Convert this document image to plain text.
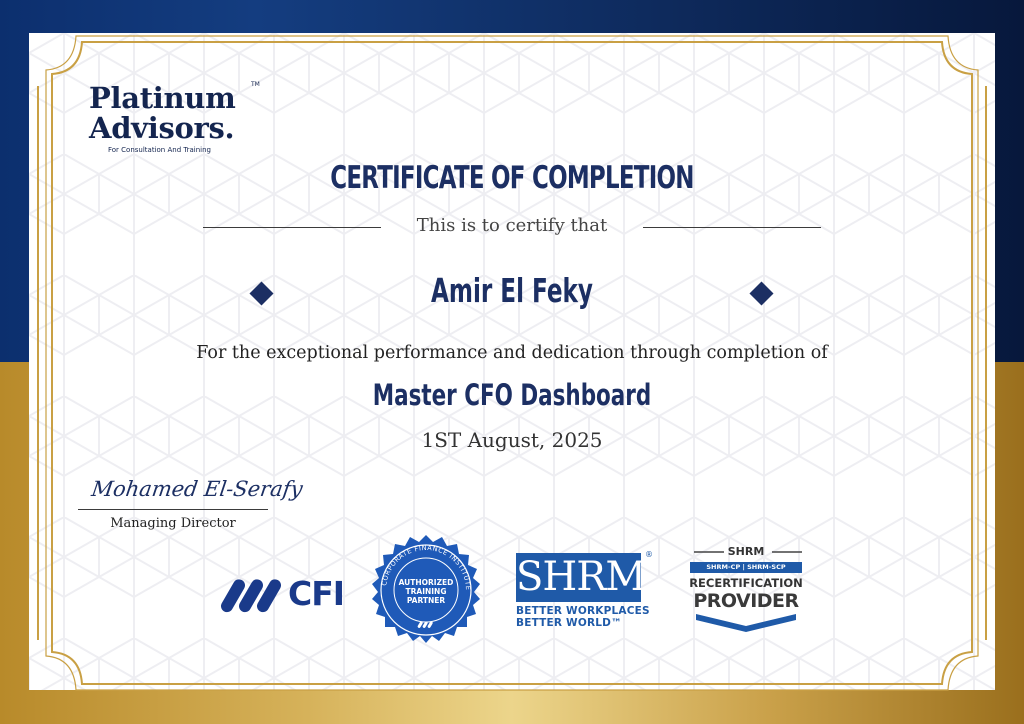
Platinum
Advisors.
TM
For Consultation And Training
CERTIFICATE OF COMPLETION
This is to certify that
Amir El Feky
For the exceptional performance and dedication through completion of
Master CFO Dashboard
1ST August, 2025
Mohamed El-Serafy
Managing Director
CFI	CORPORATE FINANCE INSTITUTE
AUTHORIZED
TRAINING
PARTNER
SHRM ®
BETTER WORKPLACES
BETTER WORLD™
SHRM
SHRM-CP | SHRM-SCP
RECERTIFICATION
PROVIDER
